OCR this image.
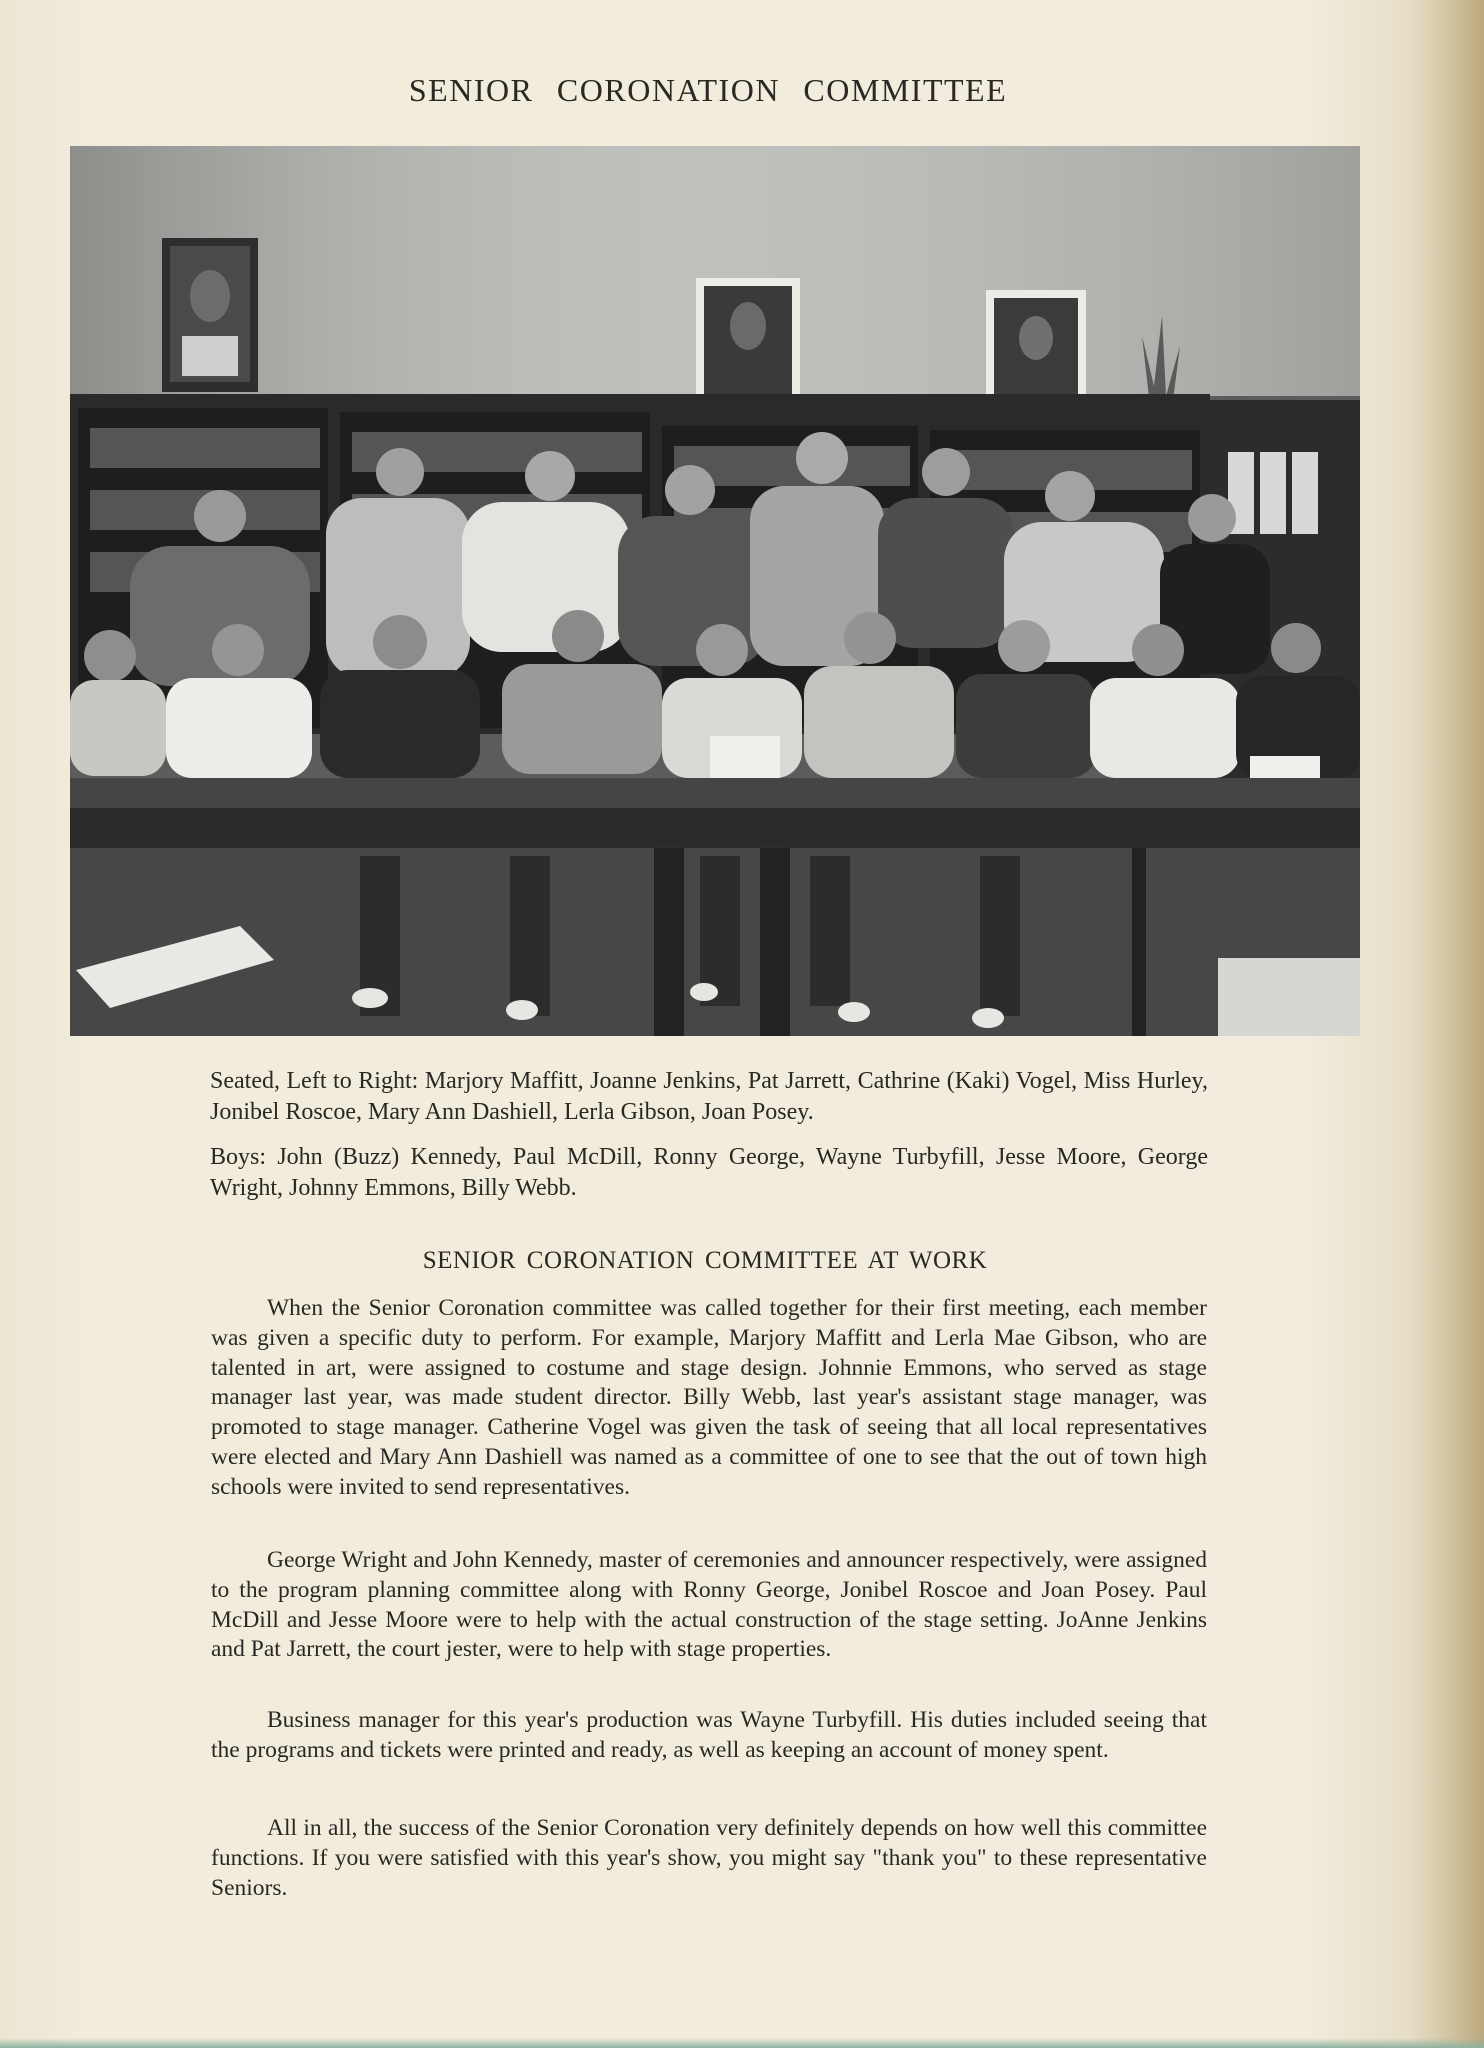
SENIOR CORONATION COMMITTEE

Seated, Left to Right: Marjory Maffitt, Joanne Jenkins, Pat Jarrett, Cathrine (Kaki) Vogel, Miss Hurley, Jonibel Roscoe, Mary Ann Dashiell, Lerla Gibson, Joan Posey.

Boys: John (Buzz) Kennedy, Paul McDill, Ronny George, Wayne Turbyfill, Jesse Moore, George Wright, Johnny Emmons, Billy Webb.

SENIOR CORONATION COMMITTEE AT WORK

When the Senior Coronation committee was called together for their first meeting, each member was given a specific duty to perform. For example, Marjory Maffitt and Lerla Mae Gibson, who are talented in art, were assigned to costume and stage design. Johnnie Emmons, who served as stage manager last year, was made student director. Billy Webb, last year's assistant stage manager, was promoted to stage manager. Catherine Vogel was given the task of seeing that all local representatives were elected and Mary Ann Dashiell was named as a committee of one to see that the out of town high schools were invited to send representatives.

George Wright and John Kennedy, master of ceremonies and announcer respectively, were assigned to the program planning committee along with Ronny George, Jonibel Roscoe and Joan Posey. Paul McDill and Jesse Moore were to help with the actual construction of the stage setting. JoAnne Jenkins and Pat Jarrett, the court jester, were to help with stage properties.

Business manager for this year's production was Wayne Turbyfill. His duties included seeing that the programs and tickets were printed and ready, as well as keeping an account of money spent.

All in all, the success of the Senior Coronation very definitely depends on how well this committee functions. If you were satisfied with this year's show, you might say "thank you" to these representative Seniors.
